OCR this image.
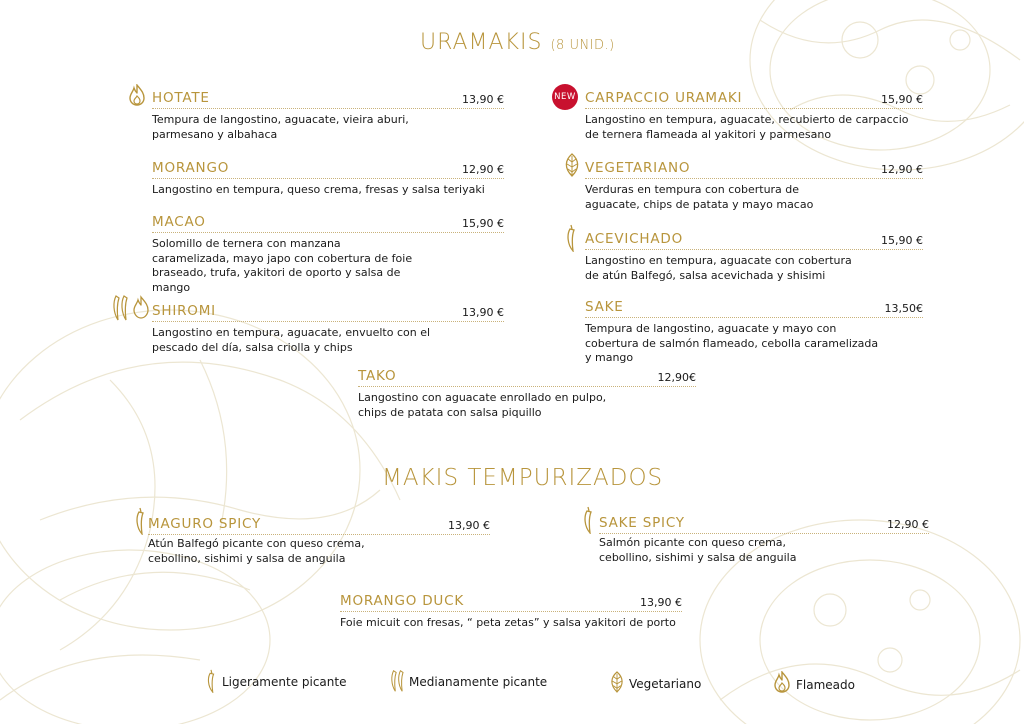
URAMAKIS (8 UNID.)
HOTATE	13,90 €
Tempura de langostino, aguacate, vieira aburi, parmesano y albahaca
MORANGO	12,90 €
Langostino en tempura, queso crema, fresas y salsa teriyaki
MACAO	15,90 €
Solomillo de ternera con manzana caramelizada, mayo japo con cobertura de foie braseado, trufa, yakitori de oporto y salsa de mango
SHIROMI	13,90 €
Langostino en tempura, aguacate, envuelto con el pescado del día, salsa criolla y chips
NEW CARPACCIO URAMAKI	15,90 €
Langostino en tempura, aguacate, recubierto de carpaccio de ternera flameada al yakitori y parmesano
VEGETARIANO	12,90 €
Verduras en tempura con cobertura de aguacate, chips de patata y mayo macao
ACEVICHADO	15,90 €
Langostino en tempura, aguacate con cobertura de atún Balfegó, salsa acevichada y shisimi
SAKE	13,50€
Tempura de langostino, aguacate y mayo con cobertura de salmón flameado, cebolla caramelizada y mango
TAKO	12,90€
Langostino con aguacate enrollado en pulpo, chips de patata con salsa piquillo
MAKIS TEMPURIZADOS
MAGURO SPICY	13,90 €
Atún Balfegó picante con queso crema, cebollino, sishimi y salsa de anguila
SAKE SPICY	12,90 €
Salmón picante con queso crema, cebollino, sishimi y salsa de anguila
MORANGO DUCK	13,90 €
Foie micuit con fresas, “ peta zetas” y salsa yakitori de porto
Ligeramente picante	Medianamente picante	Vegetariano	Flameado
